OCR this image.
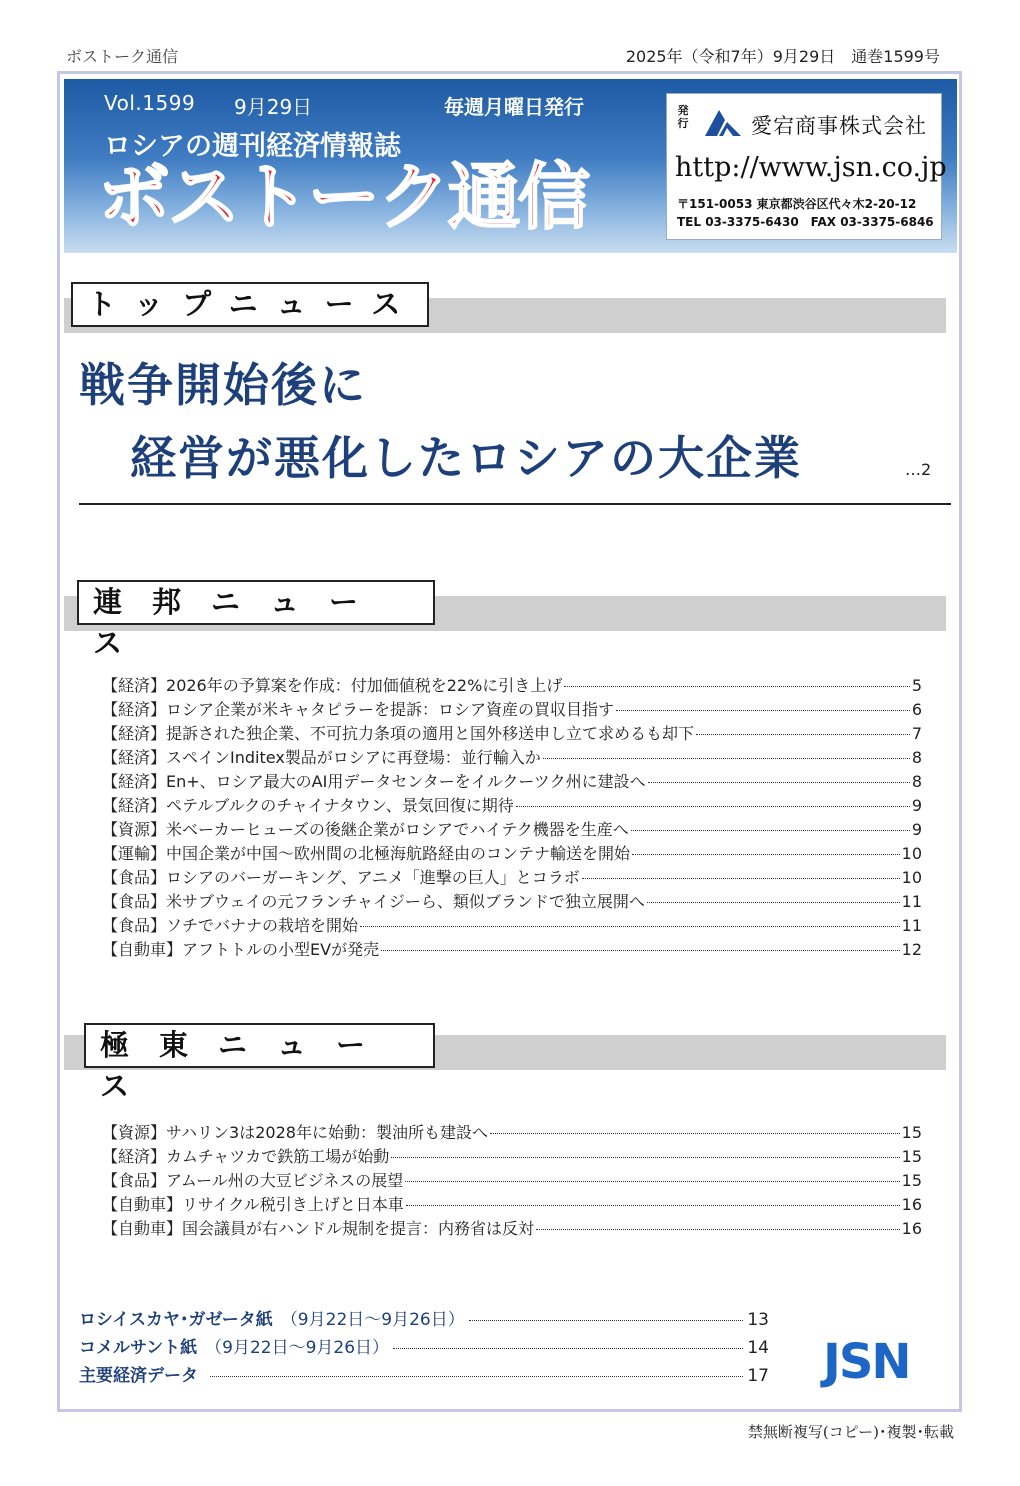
ボストーク通信	2025年（令和7年）9月29日　通巻1599号
Vol.1599 9月29日	毎週月曜日発行
ロシアの週刊経済情報誌
ボストーク通信
発行	愛宕商事株式会社
http://www.jsn.co.jp
〒151-0053 東京都渋谷区代々木2-20-12
TEL 03-3375-6430　FAX 03-3375-6846
トップニュース
戦争開始後に
経営が悪化したロシアの大企業	…2
連邦ニュース
【経済】 2026年の予算案を作成：付加価値税を22%に引き上げ	5
【経済】 ロシア企業が米キャタピラーを提訴：ロシア資産の買収目指す	6
【経済】 提訴された独企業、不可抗力条項の適用と国外移送申し立て求めるも却下	7
【経済】 スペインInditex製品がロシアに再登場：並行輸入か	8
【経済】 En+、ロシア最大のAI用データセンターをイルクーツク州に建設へ	8
【経済】 ペテルブルクのチャイナタウン、景気回復に期待	9
【資源】 米ベーカーヒューズの後継企業がロシアでハイテク機器を生産へ	9
【運輸】 中国企業が中国～欧州間の北極海航路経由のコンテナ輸送を開始	10
【食品】 ロシアのバーガーキング、アニメ「進撃の巨人」とコラボ	10
【食品】 米サブウェイの元フランチャイジーら、類似ブランドで独立展開へ	11
【食品】 ソチでバナナの栽培を開始	11
【自動車】 アフトトルの小型EVが発売	12
極東ニュース
【資源】 サハリン3は2028年に始動：製油所も建設へ	15
【経済】 カムチャツカで鉄筋工場が始動	15
【食品】 アムール州の大豆ビジネスの展望	15
【自動車】 リサイクル税引き上げと日本車	16
【自動車】 国会議員が右ハンドル規制を提言：内務省は反対	16
ロシイスカヤ･ガゼータ紙 （9月22日～9月26日）	13
コメルサント紙 （9月22日～9月26日）	14
主要経済データ	17 JSN
禁無断複写(コピー)･複製･転載
